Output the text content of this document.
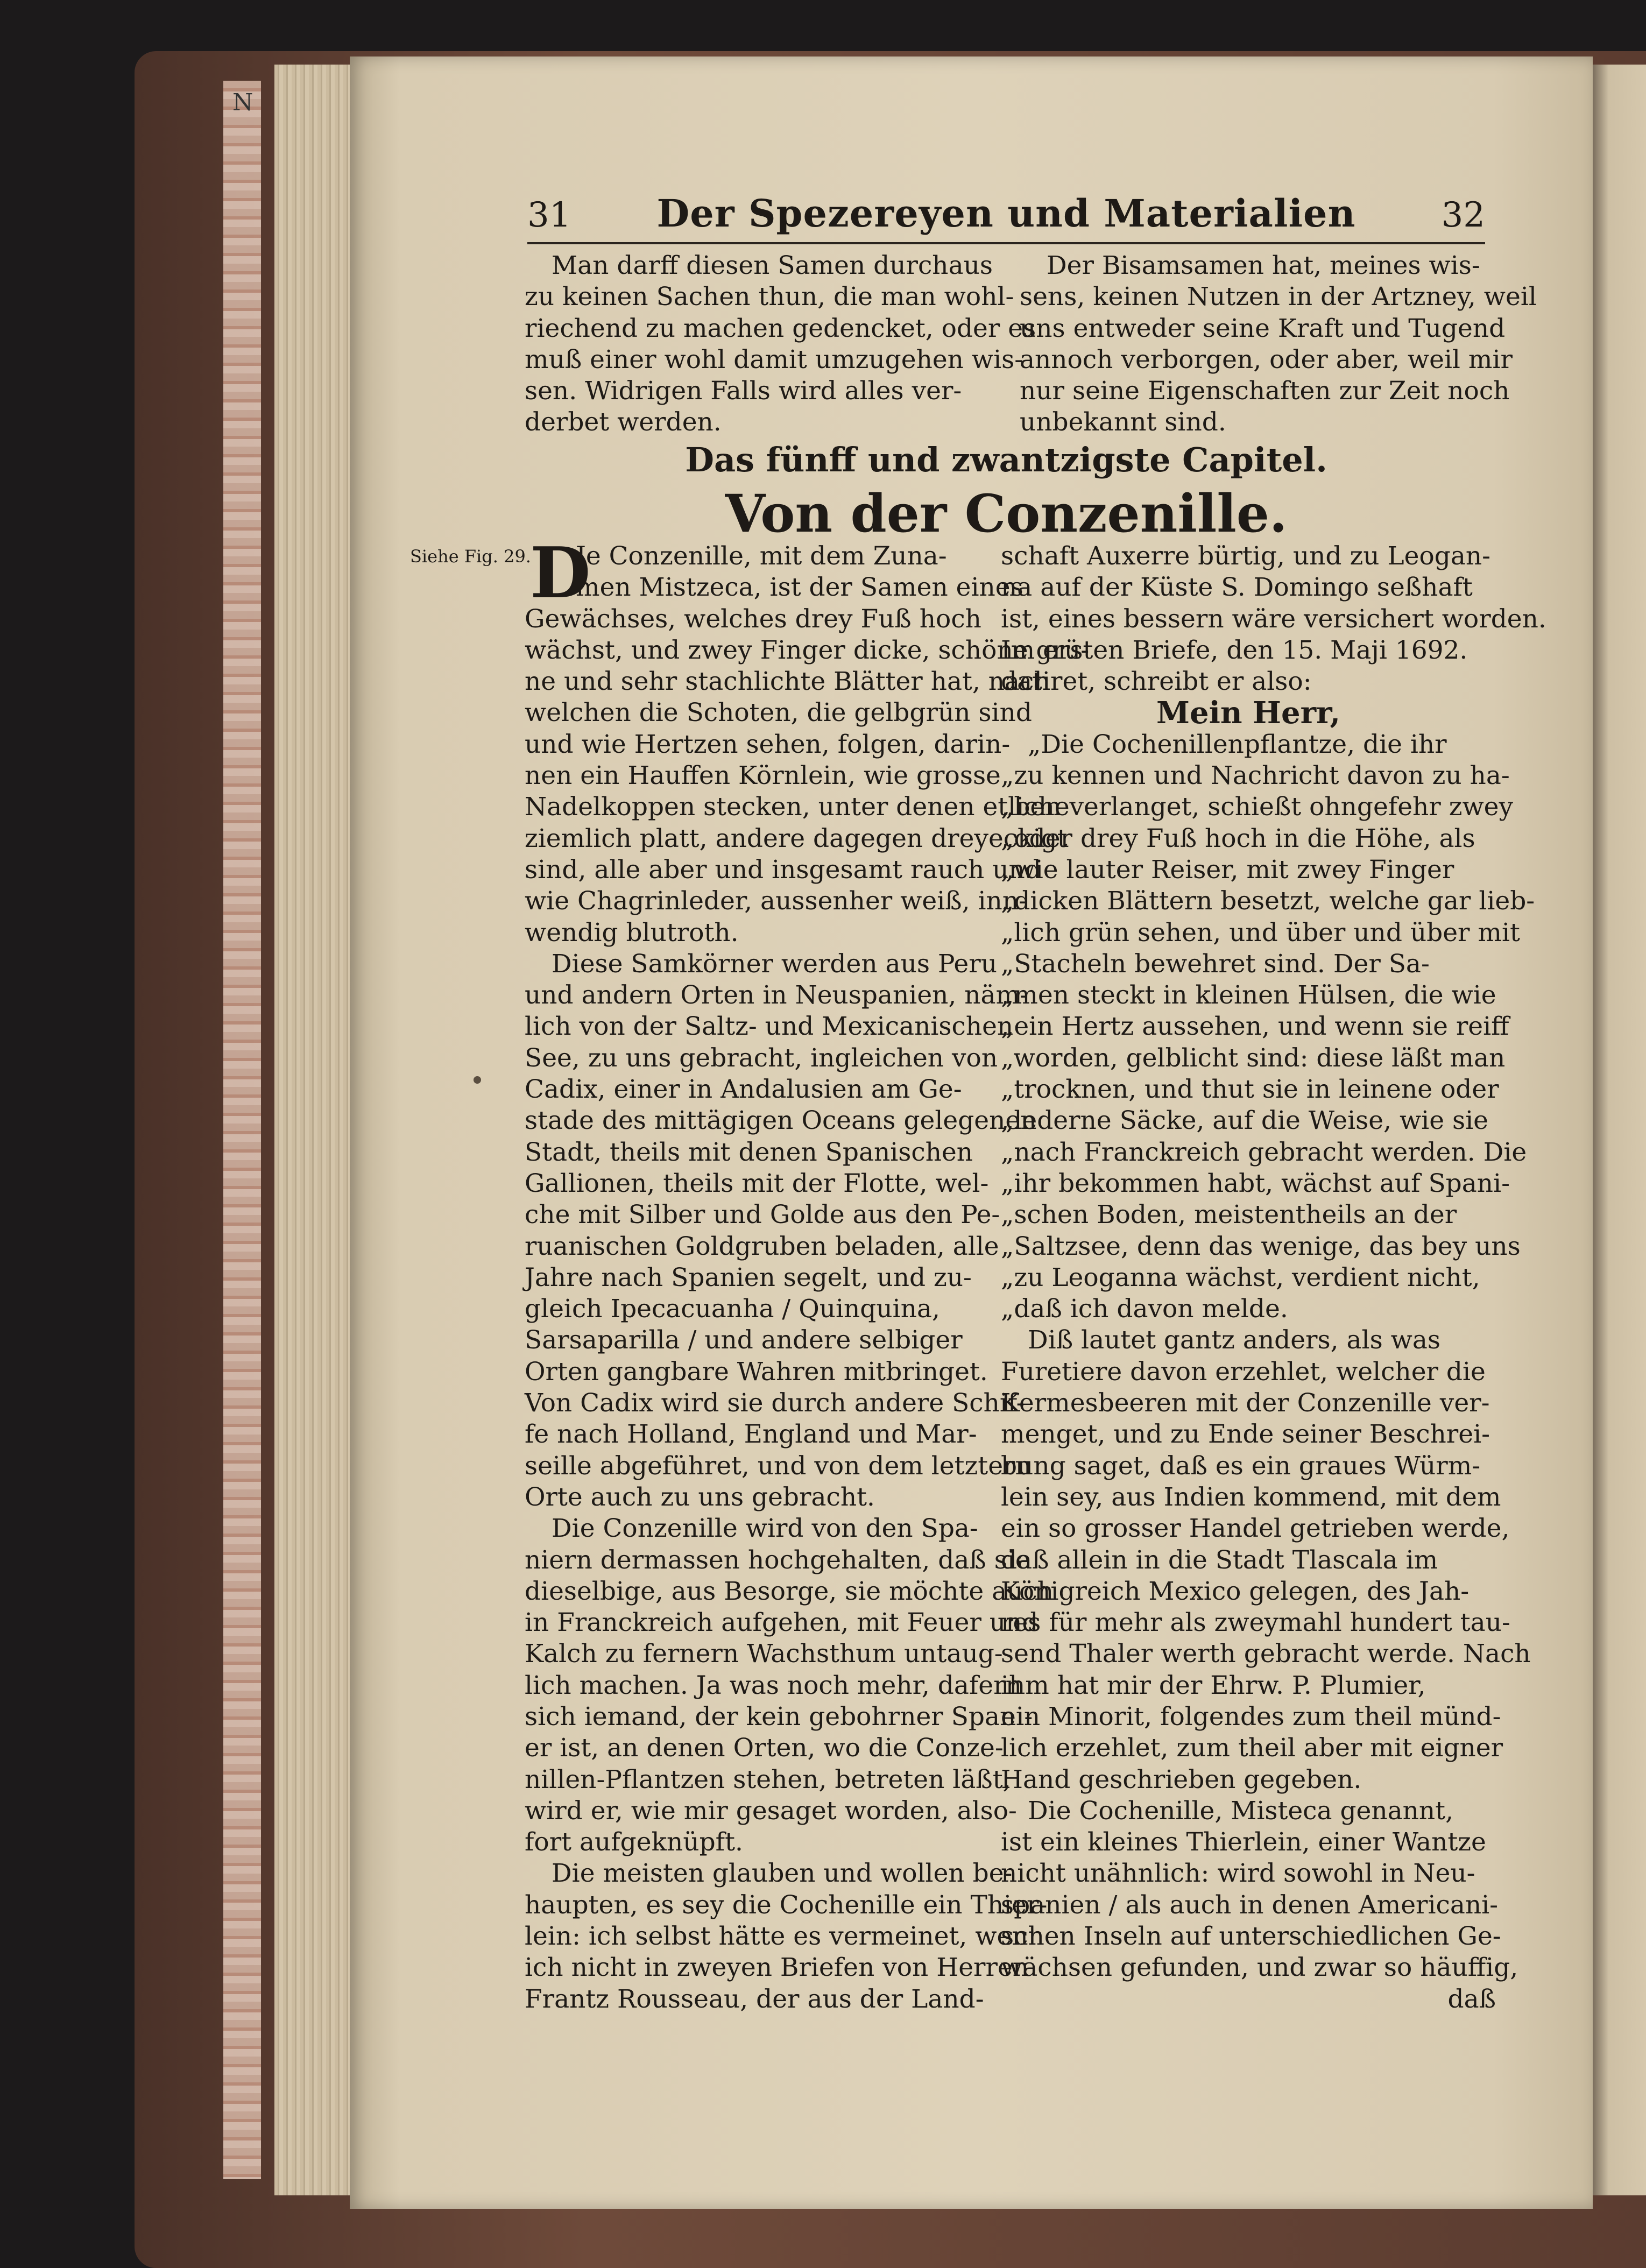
N
31	Der Spezereyen und Materialien	32
Man darff diesen Samen durchaus
zu keinen Sachen thun, die man wohl-
riechend zu machen gedencket, oder es
muß einer wohl damit umzugehen wis-
sen. Widrigen Falls wird alles ver-
derbet werden.
Der Bisamsamen hat, meines wis-
sens, keinen Nutzen in der Artzney, weil
uns entweder seine Kraft und Tugend
annoch verborgen, oder aber, weil mir
nur seine Eigenschaften zur Zeit noch
unbekannt sind.
Das fünff und zwantzigste Capitel.
Von der Conzenille.
Siehe Fig. 29.
D
Je Conzenille, mit dem Zuna-
men Mistzeca, ist der Samen eines
Gewächses, welches drey Fuß hoch
wächst, und zwey Finger dicke, schöne grü-
ne und sehr stachlichte Blätter hat, nach
welchen die Schoten, die gelbgrün sind
und wie Hertzen sehen, folgen, darin-
nen ein Hauffen Körnlein, wie grosse
Nadelkoppen stecken, unter denen etliche
ziemlich platt, andere dagegen dreyeckigt
sind, alle aber und insgesamt rauch und
wie Chagrinleder, aussenher weiß, inn-
wendig blutroth.
Diese Samkörner werden aus Peru
und andern Orten in Neuspanien, näm-
lich von der Saltz- und Mexicanischen
See, zu uns gebracht, ingleichen von
Cadix, einer in Andalusien am Ge-
stade des mittägigen Oceans gelegenen
Stadt, theils mit denen Spanischen
Gallionen, theils mit der Flotte, wel-
che mit Silber und Golde aus den Pe-
ruanischen Goldgruben beladen, alle
Jahre nach Spanien segelt, und zu-
gleich Ipecacuanha / Quinquina,
Sarsaparilla / und andere selbiger
Orten gangbare Wahren mitbringet.
Von Cadix wird sie durch andere Schif-
fe nach Holland, England und Mar-
seille abgeführet, und von dem letztern
Orte auch zu uns gebracht.
Die Conzenille wird von den Spa-
niern dermassen hochgehalten, daß sie
dieselbige, aus Besorge, sie möchte auch
in Franckreich aufgehen, mit Feuer und
Kalch zu fernern Wachsthum untaug-
lich machen. Ja was noch mehr, dafern
sich iemand, der kein gebohrner Spani-
er ist, an denen Orten, wo die Conze-
nillen-Pflantzen stehen, betreten läßt,
wird er, wie mir gesaget worden, also-
fort aufgeknüpft.
Die meisten glauben und wollen be-
haupten, es sey die Cochenille ein Thier-
lein: ich selbst hätte es vermeinet, wenn
ich nicht in zweyen Briefen von Herren
Frantz Rousseau, der aus der Land-
schaft Auxerre bürtig, und zu Leogan-
na auf der Küste S. Domingo seßhaft
ist, eines bessern wäre versichert worden.
Im ersten Briefe, den 15. Maji 1692.
datiret, schreibt er also:
Mein Herr,
„Die Cochenillenpflantze, die ihr
„zu kennen und Nachricht davon zu ha-
„ben verlanget, schießt ohngefehr zwey
„oder drey Fuß hoch in die Höhe, als
„wie lauter Reiser, mit zwey Finger
„dicken Blättern besetzt, welche gar lieb-
„lich grün sehen, und über und über mit
„Stacheln bewehret sind. Der Sa-
„men steckt in kleinen Hülsen, die wie
„ein Hertz aussehen, und wenn sie reiff
„worden, gelblicht sind: diese läßt man
„trocknen, und thut sie in leinene oder
„lederne Säcke, auf die Weise, wie sie
„nach Franckreich gebracht werden. Die
„ihr bekommen habt, wächst auf Spani-
„schen Boden, meistentheils an der
„Saltzsee, denn das wenige, das bey uns
„zu Leoganna wächst, verdient nicht,
„daß ich davon melde.
Diß lautet gantz anders, als was
Furetiere davon erzehlet, welcher die
Kermesbeeren mit der Conzenille ver-
menget, und zu Ende seiner Beschrei-
bung saget, daß es ein graues Würm-
lein sey, aus Indien kommend, mit dem
ein so grosser Handel getrieben werde,
daß allein in die Stadt Tlascala im
Königreich Mexico gelegen, des Jah-
res für mehr als zweymahl hundert tau-
send Thaler werth gebracht werde. Nach
ihm hat mir der Ehrw. P. Plumier,
ein Minorit, folgendes zum theil münd-
lich erzehlet, zum theil aber mit eigner
Hand geschrieben gegeben.
Die Cochenille, Misteca genannt,
ist ein kleines Thierlein, einer Wantze
nicht unähnlich: wird sowohl in Neu-
spanien / als auch in denen Americani-
schen Inseln auf unterschiedlichen Ge-
wächsen gefunden, und zwar so häuffig,
daß
